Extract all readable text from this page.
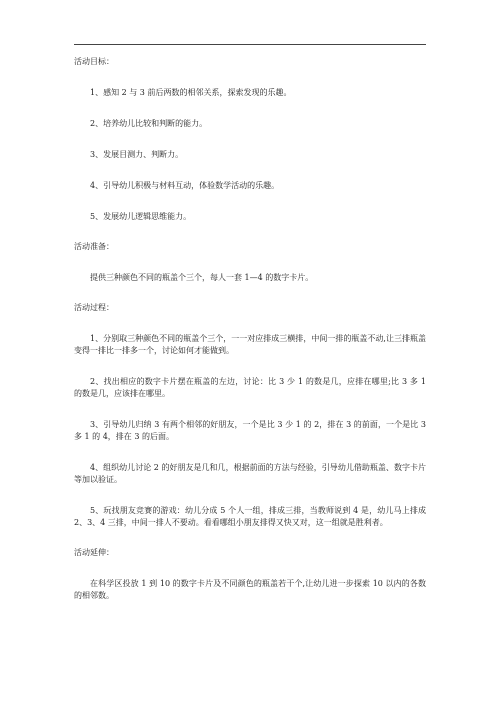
活动目标：

1、感知 2 与 3 前后两数的相邻关系，探索发现的乐趣。

2、培养幼儿比较和判断的能力。

3、发展目测力、判断力。

4、引导幼儿积极与材料互动，体验数学活动的乐趣。

5、发展幼儿逻辑思维能力。

活动准备：

提供三种颜色不同的瓶盖个三个，每人一套 1—4 的数字卡片。

活动过程：

1、分别取三种颜色不同的瓶盖个三个，一一对应排成三横排，中间一排的瓶盖不动,让三排瓶盖变得一排比一排多一个，讨论如何才能做到。

2、找出相应的数字卡片摆在瓶盖的左边，讨论：比 3 少 1 的数是几，应排在哪里;比 3 多 1 的数是几，应该排在哪里。

3、引导幼儿归纳 3 有两个相邻的好朋友，一个是比 3 少 1 的 2，排在 3 的前面，一个是比 3 多 1 的 4，排在 3 的后面。

4、组织幼儿讨论 2 的好朋友是几和几，根据前面的方法与经验，引导幼儿借助瓶盖、数字卡片等加以验证。

5、玩找朋友竞赛的游戏：幼儿分成 5 个人一组，排成三排，当教师说到 4 是，幼儿马上排成 2、3、4 三排，中间一排人不要动。看看哪组小朋友排得又快又对，这一组就是胜利者。

活动延伸：

在科学区投放 1 到 10 的数字卡片及不同颜色的瓶盖若干个,让幼儿进一步探索 10 以内的各数的相邻数。
